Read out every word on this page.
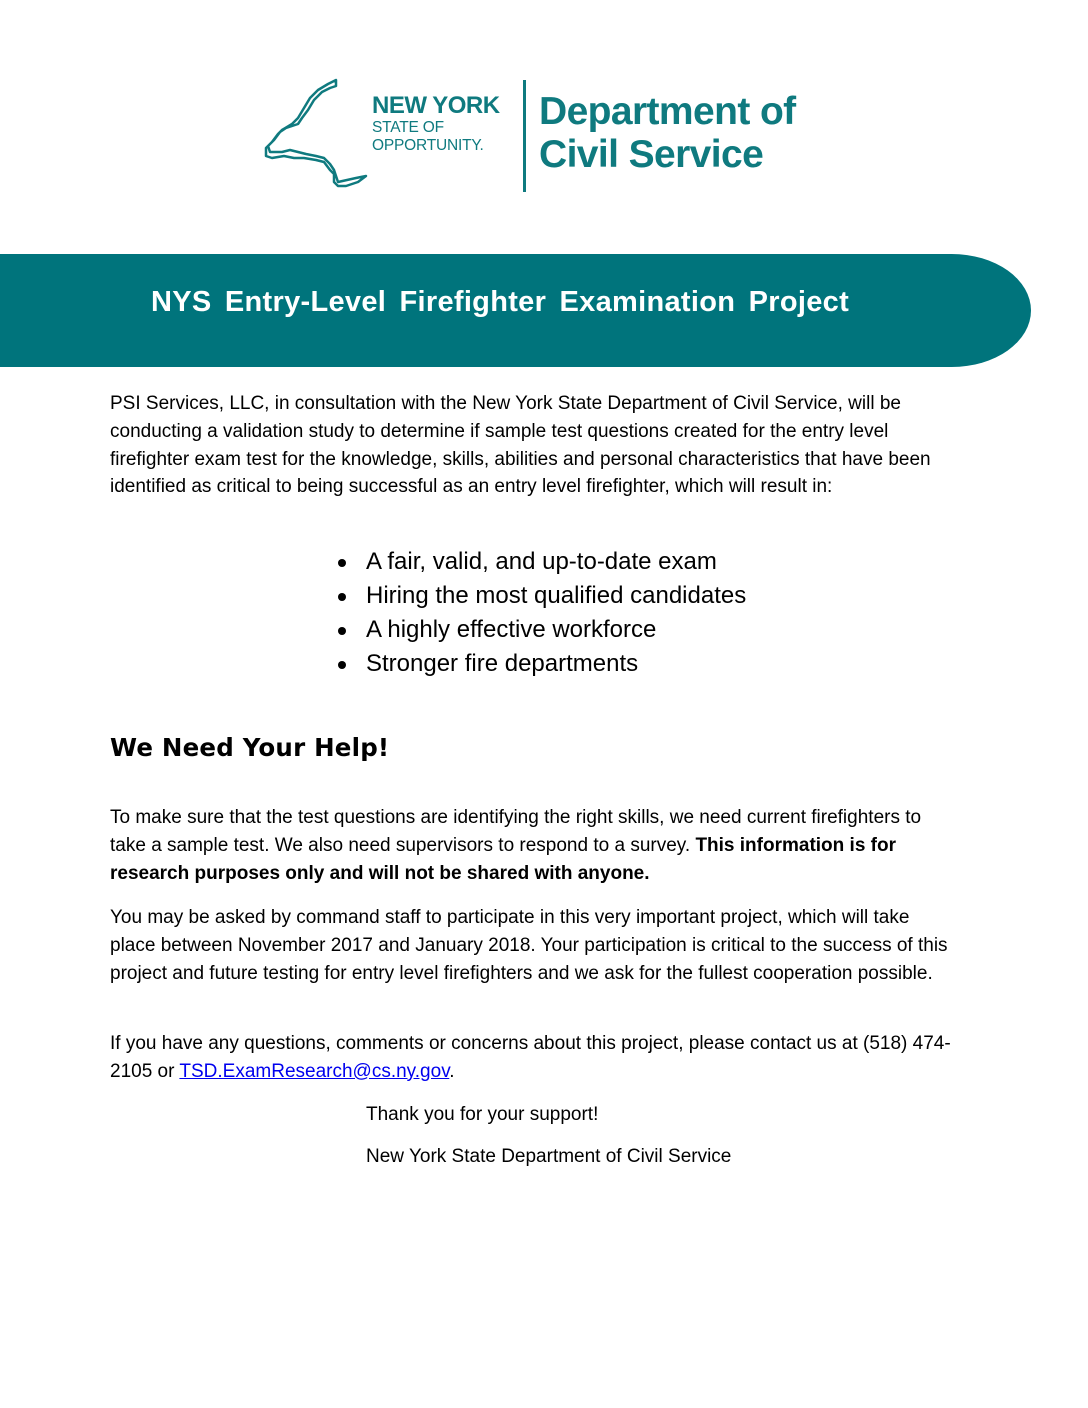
NEW YORK
STATE OF
OPPORTUNITY.
Department of
Civil Service
NYS Entry-Level Firefighter Examination Project

PSI Services, LLC, in consultation with the New York State Department of Civil Service, will be conducting a validation study to determine if sample test questions created for the entry level firefighter exam test for the knowledge, skills, abilities and personal characteristics that have been identified as critical to being successful as an entry level firefighter, which will result in:

A fair, valid, and up-to-date exam
Hiring the most qualified candidates
A highly effective workforce
Stronger fire departments
We Need Your Help!

To make sure that the test questions are identifying the right skills, we need current firefighters to take a sample test. We also need supervisors to respond to a survey. This information is for research purposes only and will not be shared with anyone.

You may be asked by command staff to participate in this very important project, which will take place between November 2017 and January 2018. Your participation is critical to the success of this project and future testing for entry level firefighters and we ask for the fullest cooperation possible.

If you have any questions, comments or concerns about this project, please contact us at (518) 474-2105 or TSD.ExamResearch@cs.ny.gov.

Thank you for your support!

New York State Department of Civil Service
